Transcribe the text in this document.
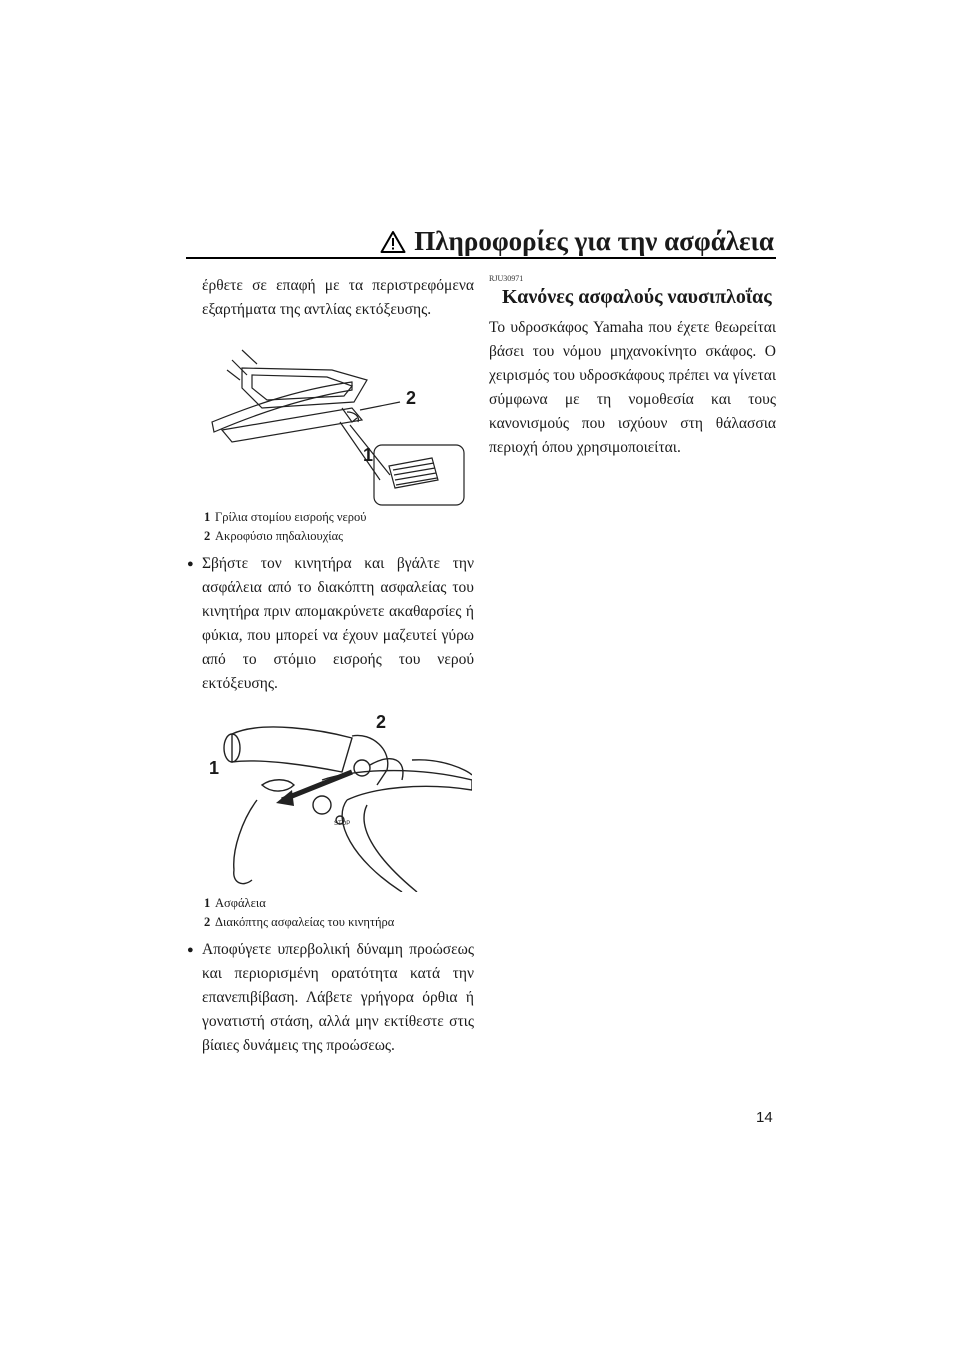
Πληροφορίες για την ασφάλεια

έρθετε σε επαφή με τα περιστρεφόμενα εξαρτήματα της αντλίας εκτόξευσης.

2
1
1 Γρίλια στομίου εισροής νερού
2 Ακροφύσιο πηδαλιουχίας

● Σβήστε τον κινητήρα και βγάλτε την ασφάλεια από το διακόπτη ασφαλείας του κινητήρα πριν απομακρύνετε ακαθαρσίες ή φύκια, που μπορεί να έχουν μαζευτεί γύρω από το στόμιο εισροής του νερού εκτόξευσης.

STOP
2
1
1 Ασφάλεια
2 Διακόπτης ασφαλείας του κινητήρα

● Αποφύγετε υπερβολική δύναμη προώσεως και περιορισμένη ορατότητα κατά την επανεπιβίβαση. Λάβετε γρήγορα όρθια ή γονατιστή στάση, αλλά μην εκτίθεστε στις βίαιες δυνάμεις της προώσεως.

RJU30971

Κανόνες ασφαλούς ναυσιπλοΐας

Το υδροσκάφος Yamaha που έχετε θεωρείται βάσει του νόμου μηχανοκίνητο σκάφος. Ο χειρισμός του υδροσκάφους πρέπει να γίνεται σύμφωνα με τη νομοθεσία και τους κανονισμούς που ισχύουν στη θάλασσια περιοχή όπου χρησιμοποιείται.

14
